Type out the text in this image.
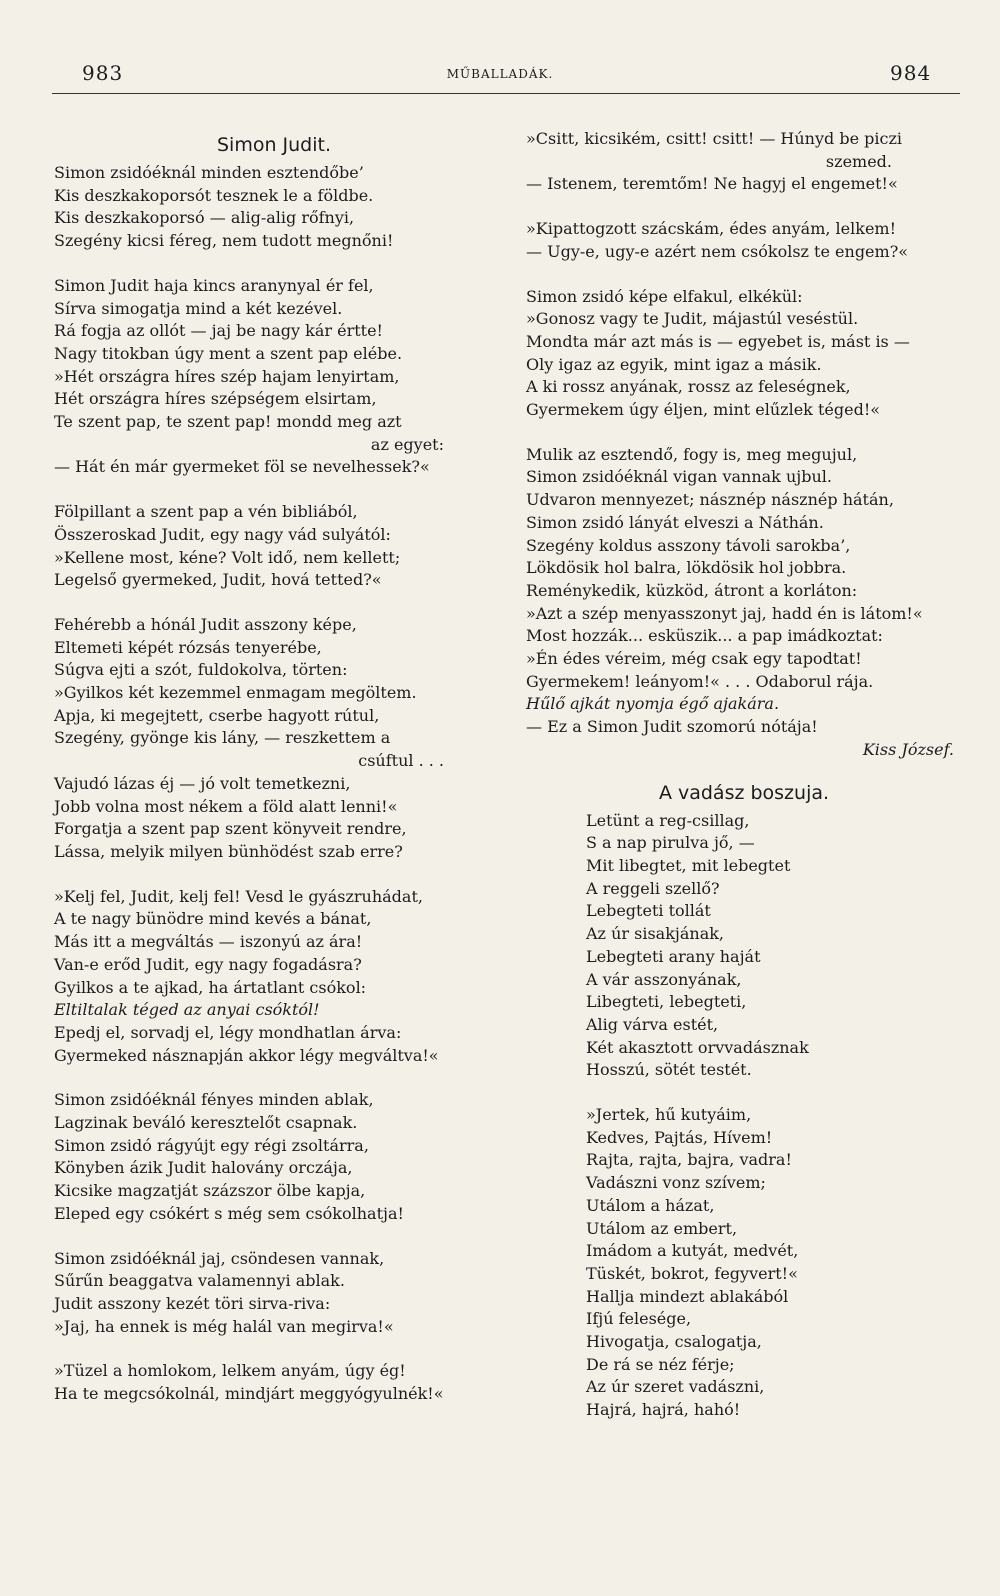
983	MŰBALLADÁK.	984
Simon Judit.
Simon zsidóéknál minden esztendőbe’
Kis deszkakoporsót tesznek le a földbe.
Kis deszkakoporsó — alig-alig rőfnyi,
Szegény kicsi féreg, nem tudott megnőni!
Simon Judit haja kincs aranynyal ér fel,
Sírva simogatja mind a két kezével.
Rá fogja az ollót — jaj be nagy kár értte!
Nagy titokban úgy ment a szent pap elébe.
»Hét országra híres szép hajam lenyirtam,
Hét országra híres szépségem elsirtam,
Te szent pap, te szent pap! mondd meg azt
az egyet:
— Hát én már gyermeket föl se nevelhessek?«
Fölpillant a szent pap a vén bibliából,
Összeroskad Judit, egy nagy vád sulyától:
»Kellene most, kéne? Volt idő, nem kellett;
Legelső gyermeked, Judit, hová tetted?«
Fehérebb a hónál Judit asszony képe,
Eltemeti képét rózsás tenyerébe,
Súgva ejti a szót, fuldokolva, törten:
»Gyilkos két kezemmel enmagam megöltem.
Apja, ki megejtett, cserbe hagyott rútul,
Szegény, gyönge kis lány, — reszkettem a
csúftul . . .
Vajudó lázas éj — jó volt temetkezni,
Jobb volna most nékem a föld alatt lenni!«
Forgatja a szent pap szent könyveit rendre,
Lássa, melyik milyen bünhödést szab erre?
»Kelj fel, Judit, kelj fel! Vesd le gyászruhádat,
A te nagy bünödre mind kevés a bánat,
Más itt a megváltás — iszonyú az ára!
Van-e erőd Judit, egy nagy fogadásra?
Gyilkos a te ajkad, ha ártatlant csókol:
Eltiltalak téged az anyai csóktól!
Epedj el, sorvadj el, légy mondhatlan árva:
Gyermeked násznapján akkor légy megváltva!«
Simon zsidóéknál fényes minden ablak,
Lagzinak beváló keresztelőt csapnak.
Simon zsidó rágyújt egy régi zsoltárra,
Könyben ázik Judit halovány orczája,
Kicsike magzatját százszor ölbe kapja,
Eleped egy csókért s még sem csókolhatja!
Simon zsidóéknál jaj, csöndesen vannak,
Sűrűn beaggatva valamennyi ablak.
Judit asszony kezét töri sirva-riva:
»Jaj, ha ennek is még halál van megirva!«
»Tüzel a homlokom, lelkem anyám, úgy ég!
Ha te megcsókolnál, mindjárt meggyógyulnék!«
»Csitt, kicsikém, csitt! csitt! — Húnyd be piczi
szemed.
— Istenem, teremtőm! Ne hagyj el engemet!«
»Kipattogzott szácskám, édes anyám, lelkem!
— Ugy-e, ugy-e azért nem csókolsz te engem?«
Simon zsidó képe elfakul, elkékül:
»Gonosz vagy te Judit, májastúl veséstül.
Mondta már azt más is — egyebet is, mást is —
Oly igaz az egyik, mint igaz a másik.
A ki rossz anyának, rossz az feleségnek,
Gyermekem úgy éljen, mint elűzlek téged!«
Mulik az esztendő, fogy is, meg megujul,
Simon zsidóéknál vigan vannak ujbul.
Udvaron mennyezet; násznép násznép hátán,
Simon zsidó lányát elveszi a Náthán.
Szegény koldus asszony távoli sarokba’,
Lökdösik hol balra, lökdösik hol jobbra.
Reménykedik, küzköd, átront a korláton:
»Azt a szép menyasszonyt jaj, hadd én is látom!«
Most hozzák... esküszik... a pap imádkoztat:
»Én édes véreim, még csak egy tapodtat!
Gyermekem! leányom!« . . . Odaborul rája.
Hűlő ajkát nyomja égő ajakára.
— Ez a Simon Judit szomorú nótája!
Kiss József.
A vadász boszuja.
Letünt a reg-csillag,
S a nap pirulva jő, —
Mit libegtet, mit lebegtet
A reggeli szellő?
Lebegteti tollát
Az úr sisakjának,
Lebegteti arany haját
A vár asszonyának,
Libegteti, lebegteti,
Alig várva estét,
Két akasztott orvvadásznak
Hosszú, sötét testét.
»Jertek, hű kutyáim,
Kedves, Pajtás, Hívem!
Rajta, rajta, bajra, vadra!
Vadászni vonz szívem;
Utálom a házat,
Utálom az embert,
Imádom a kutyát, medvét,
Tüskét, bokrot, fegyvert!«
Hallja mindezt ablakából
Ifjú felesége,
Hivogatja, csalogatja,
De rá se néz férje;
Az úr szeret vadászni,
Hajrá, hajrá, hahó!
